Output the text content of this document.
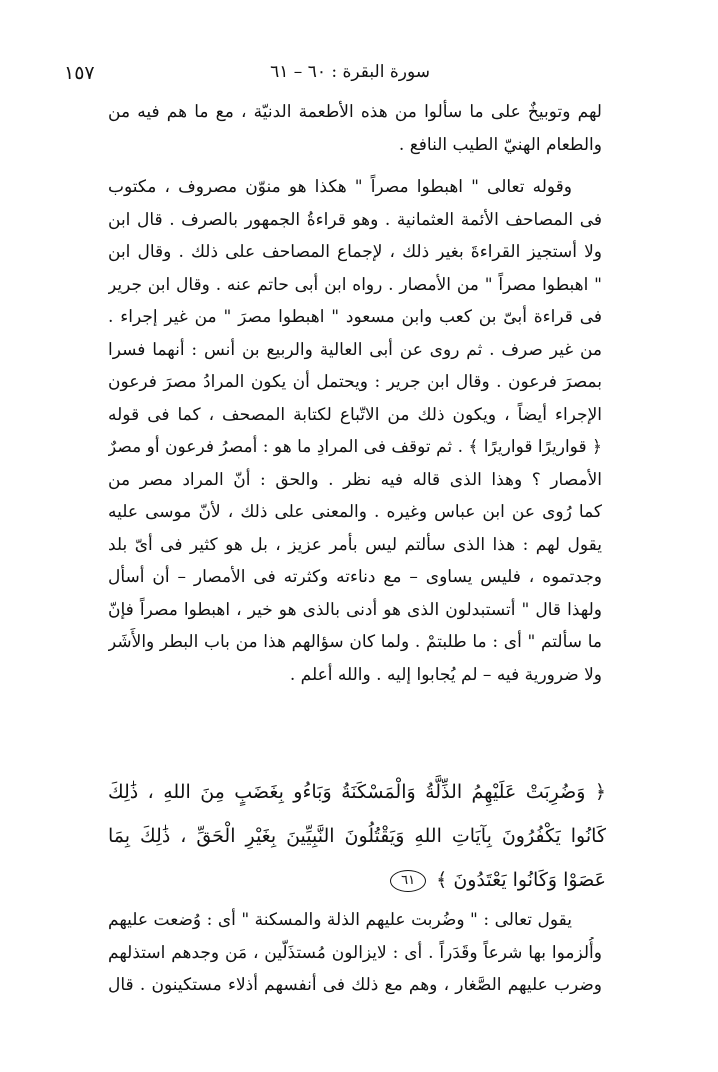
سورة البقرة : ٦٠ – ٦١
١٥٧
لهم وتوبيخٌ على ما سألوا من هذه الأطعمة الدنيّة ، مع ما هم فيه من
والطعام الهنيّ الطيب النافع .
وقوله تعالى " اهبطوا مصراً " هكذا هو منوّن مصروف ، مكتوب
فى المصاحف الأئمة العثمانية . وهو قراءةُ الجمهور بالصرف . قال ابن
ولا أستجيز القراءةَ بغير ذلك ، لإجماع المصاحف على ذلك . وقال ابن
" اهبطوا مصراً " من الأمصار . رواه ابن أبى حاتم عنه . وقال ابن جرير
فى قراءة أبىّ بن كعب وابن مسعود " اهبطوا مصرَ " من غير إجراء .
من غير صرف . ثم روى عن أبى العالية والربيع بن أنس : أنهما فسرا
بمصرَ فرعون . وقال ابن جرير : ويحتمل أن يكون المرادُ مصرَ فرعون
الإجراء أيضاً ، ويكون ذلك من الاتّباع لكتابة المصحف ، كما فى قوله
﴿ قواريرًا قواريرًا ﴾ . ثم توقف فى المرادِ ما هو : أمصرُ فرعون أو مصرٌ
الأمصار ؟ وهذا الذى قاله فيه نظر . والحق : أنّ المراد مصر من
كما رُوى عن ابن عباس وغيره . والمعنى على ذلك ، لأنّ موسى عليه
يقول لهم : هذا الذى سألتم ليس بأمر عزيز ، بل هو كثير فى أىّ بلد
وجدتموه ، فليس يساوى – مع دناءته وكثرته فى الأمصار – أن أسأل
ولهذا قال " أتستبدلون الذى هو أدنى بالذى هو خير ، اهبطوا مصراً فإنّ
ما سألتم " أى : ما طلبتمْ . ولما كان سؤالهم هذا من باب البطر والأَشَر
ولا ضرورية فيه – لم يُجابوا إليه . والله أعلم .
﴿ وَضُرِبَتْ عَلَيْهِمُ الذِّلَّةُ وَالْمَسْكَنَةُ وَبَاءُو بِغَضَبٍ مِنَ اللهِ ، ذَٰلِكَ
كَانُوا يَكْفُرُونَ بِآيَاتِ اللهِ وَيَقْتُلُونَ النَّبِيِّينَ بِغَيْرِ الْحَقِّ ، ذَٰلِكَ بِمَا
عَصَوْا وَكَانُوا يَعْتَدُونَ ﴾ ٦١
يقول تعالى : " وضُربت عليهم الذلة والمسكنة " أى : وُضعت عليهم
وأُلزموا بها شرعاً وقَدَراً . أى : لايزالون مُستذَلّين ، مَن وجدهم استذلهم
وضرب عليهم الصَّغار ، وهم مع ذلك فى أنفسهم أذلاء مستكينون . قال
